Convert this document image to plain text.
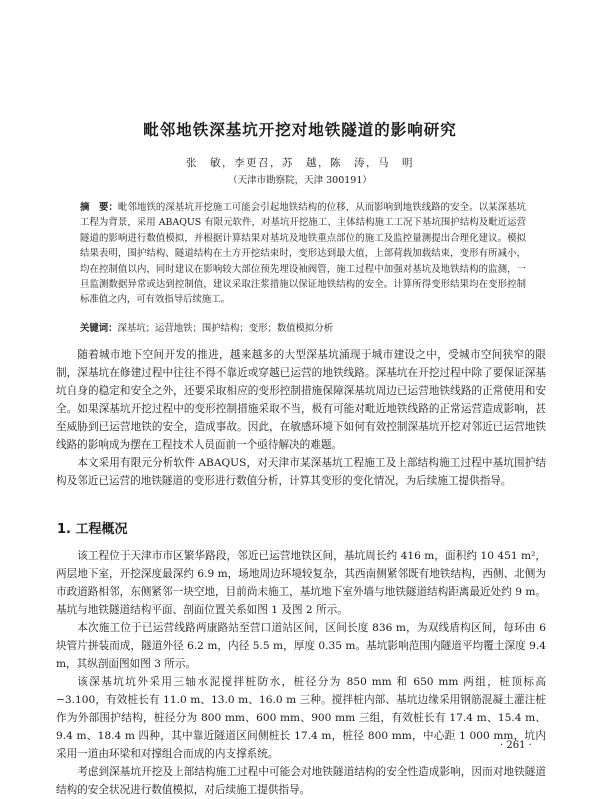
毗邻地铁深基坑开挖对地铁隧道的影响研究
张　敏，李更召，苏　越，陈　涛，马　明
（天津市勘察院，天津 300191）
摘　要：毗邻地铁的深基坑开挖施工可能会引起地铁结构的位移，从而影响到地铁线路的安全。以某深基坑工程为背景，采用 ABAQUS 有限元软件，对基坑开挖施工、主体结构施工工况下基坑围护结构及毗近运营隧道的影响进行数值模拟，并根据计算结果对基坑及地铁重点部位的施工及监控量测提出合理化建议。模拟结果表明，围护结构、隧道结构在土方开挖结束时，变形达到最大值，上部荷载加载结束，变形有所减小，均在控制值以内，同时建议在影响较大部位预先埋设袖阀管，施工过程中加强对基坑及地铁结构的监测，一旦监测数据异常或达到控制值，建议采取注浆措施以保证地铁结构的安全。计算所得变形结果均在变形控制标准值之内，可有效指导后续施工。
关键词：深基坑；运营地铁；围护结构；变形；数值模拟分析

随着城市地下空间开发的推进，越来越多的大型深基坑涌现于城市建设之中，受城市空间狭窄的限制，深基坑在修建过程中往往不得不靠近或穿越已运营的地铁线路。深基坑在开挖过程中除了要保证深基坑自身的稳定和安全之外，还要采取相应的变形控制措施保障深基坑周边已运营地铁线路的正常使用和安全。如果深基坑开挖过程中的变形控制措施采取不当，极有可能对毗近地铁线路的正常运营造成影响，甚至威胁到已运营地铁的安全，造成事故。因此，在敏感环境下如何有效控制深基坑开挖对邻近已运营地铁线路的影响成为摆在工程技术人员面前一个亟待解决的难题。

本文采用有限元分析软件 ABAQUS，对天津市某深基坑工程施工及上部结构施工过程中基坑围护结构及邻近已运营的地铁隧道的变形进行数值分析，计算其变形的变化情况，为后续施工提供指导。

1. 工程概况

该工程位于天津市市区繁华路段，邻近已运营地铁区间，基坑周长约 416 m，面积约 10 451 m²，两层地下室，开挖深度最深约 6.9 m，场地周边环境较复杂，其西南侧紧邻既有地铁结构，西侧、北侧为市政道路相邻，东侧紧邻一块空地，目前尚未施工，基坑地下室外墙与地铁隧道结构距离最近处约 9 m。基坑与地铁隧道结构平面、剖面位置关系如图 1 及图 2 所示。

本次施工位于已运营线路两康路站至营口道站区间，区间长度 836 m，为双线盾构区间，每环由 6 块管片拼装而成，隧道外径 6.2 m，内径 5.5 m，厚度 0.35 m。基坑影响范围内隧道平均覆土深度 9.4 m，其纵剖面图如图 3 所示。

该深基坑坑外采用三轴水泥搅拌桩防水，桩径分为 850 mm 和 650 mm 两组，桩顶标高 −3.100，有效桩长有 11.0 m、13.0 m、16.0 m 三种。搅拌桩内部、基坑边缘采用钢筋混凝土灌注桩作为外部围护结构，桩径分为 800 mm、600 mm、900 mm 三组，有效桩长有 17.4 m、15.4 m、9.4 m、18.4 m 四种，其中靠近隧道区间侧桩长 17.4 m，桩径 800 mm，中心距 1 000 mm，坑内采用一道由环梁和对撑组合而成的内支撑系统。

考虑到深基坑开挖及上部结构施工过程中可能会对地铁隧道结构的安全性造成影响，因而对地铁隧道结构的安全状况进行数值模拟，对后续施工提供指导。

· 261 ·
